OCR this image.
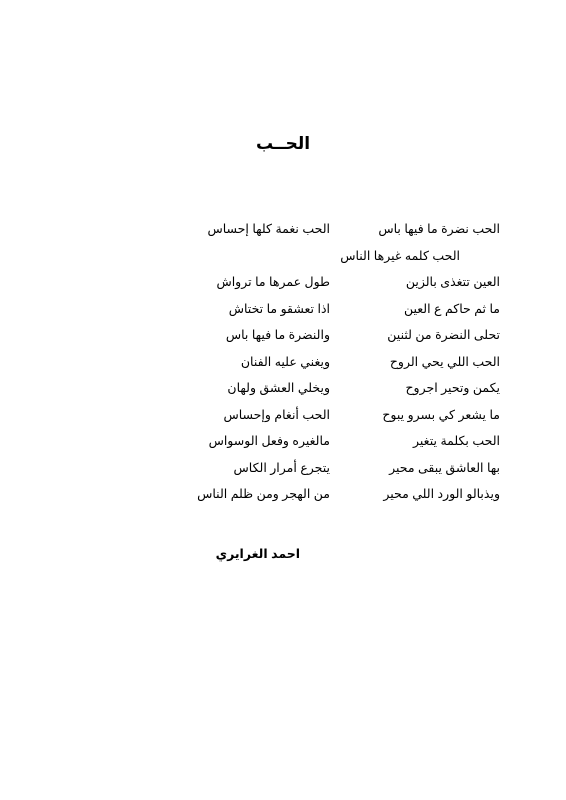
الحــب
الحب نضرة ما فيها باس
الحب نغمة كلها إحساس
الحب كلمه غيرها الناس
العين تتغذى بالزين
طول عمرها ما ترواش
ما ثم حاكم ع العين
اذا تعشقو ما تختاش
تحلى النضرة من لثنين
والنضرة ما فيها باس
الحب اللي يحي الروح
ويغني عليه الفنان
يكمن وتحير اجروح
ويخلي العشق ولهان
ما يشعر كي بسرو يبوح
الحب أنغام وإحساس
الحب بكلمة يتغير
مالغيره وفعل الوسواس
بها العاشق يبقى محير
يتجرع أمرار الكاس
ويذبالو الورد اللي محير
من الهجر ومن ظلم الناس
احمد الغرايري
